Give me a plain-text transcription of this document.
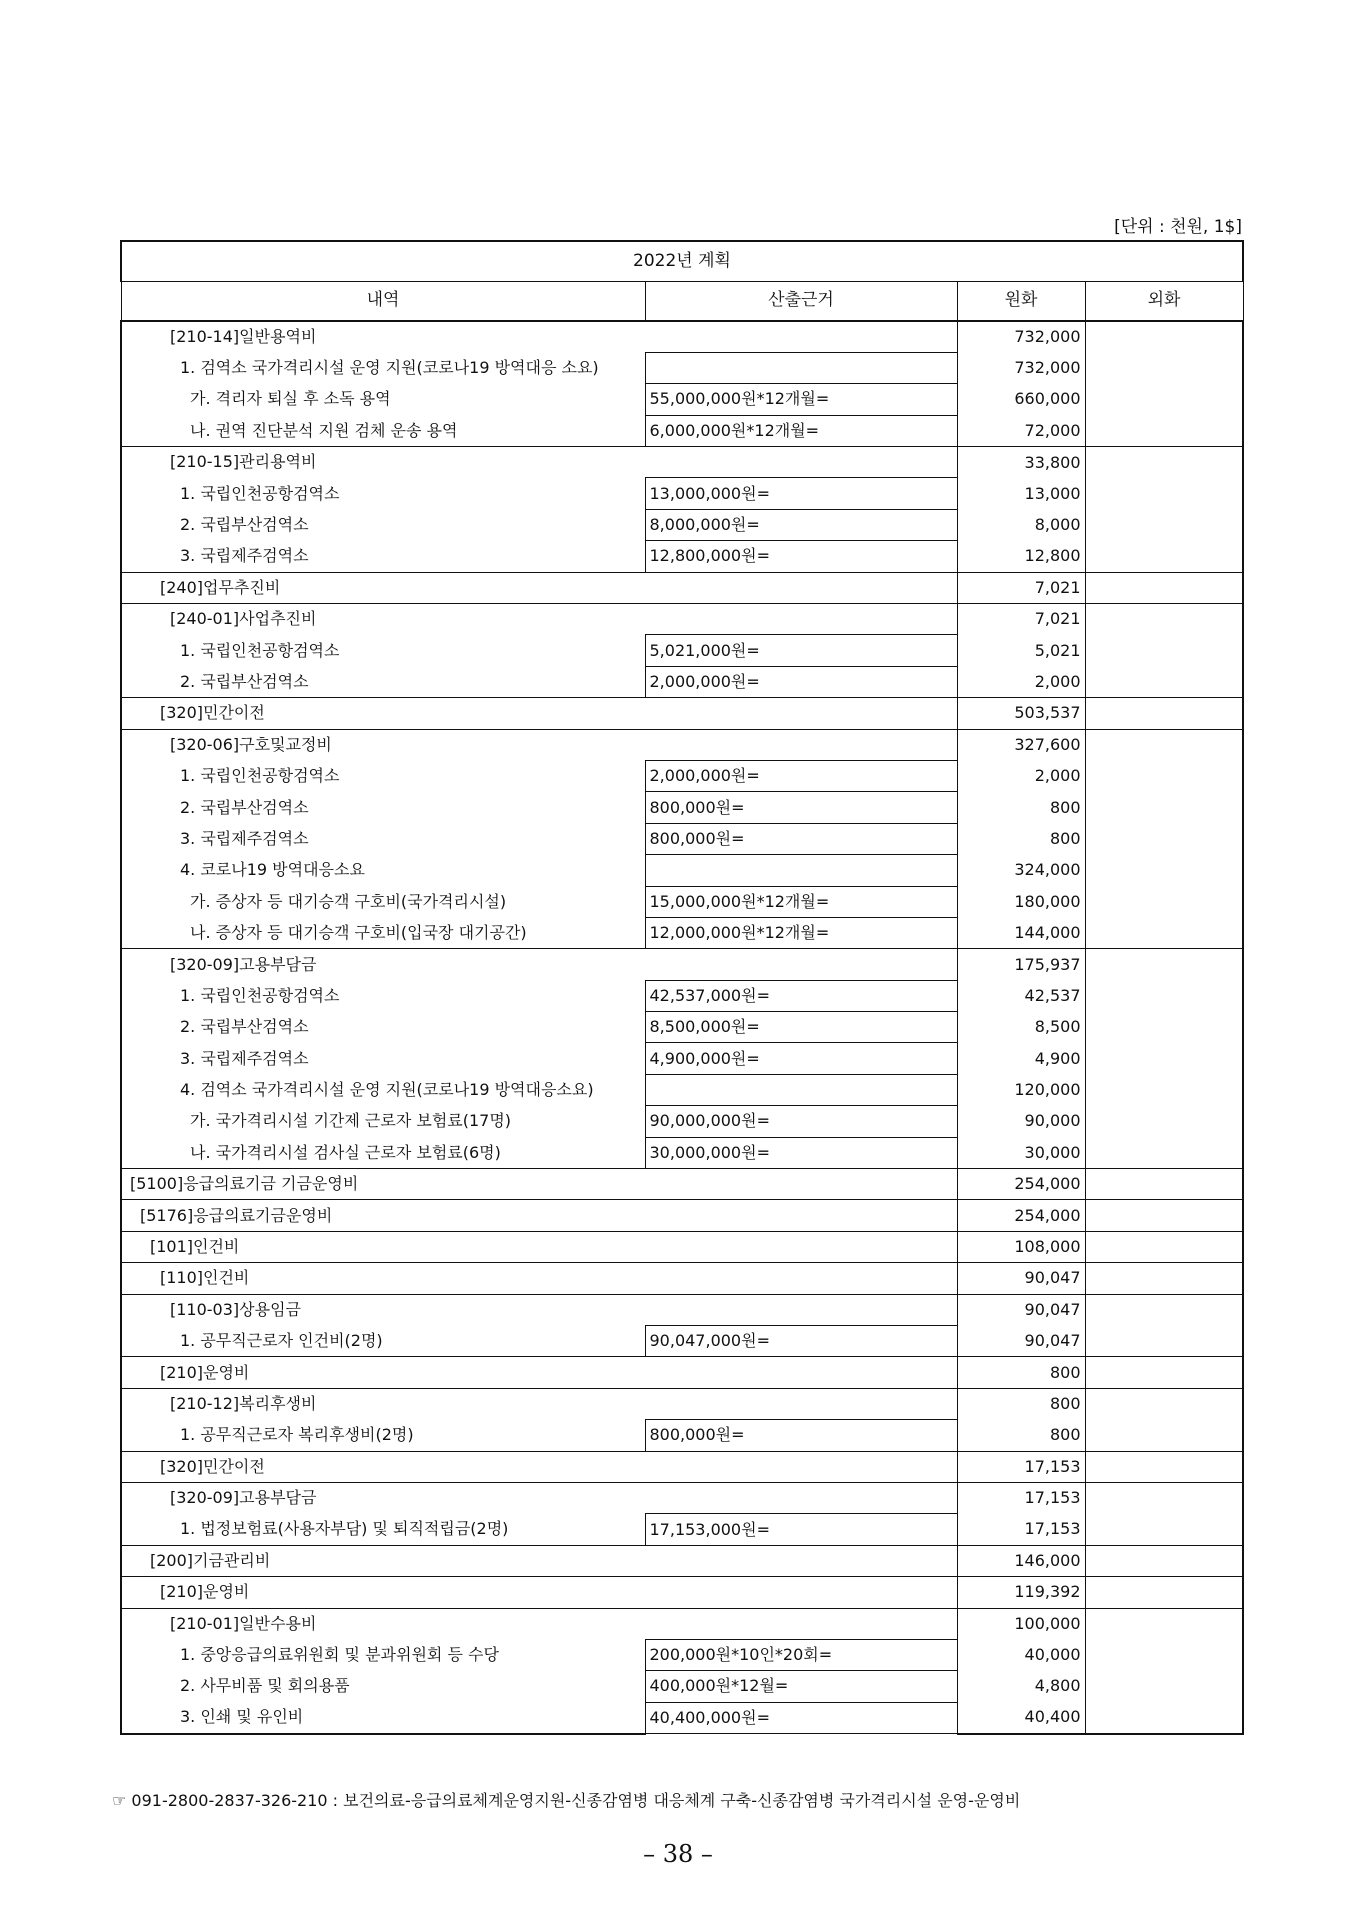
[단위 : 천원, 1$]
2022년 계획			
내역	산출근거	원화	외화
[210-14]일반용역비		732,000	
1. 검역소 국가격리시설 운영 지원(코로나19 방역대응 소요)		732,000	
가. 격리자 퇴실 후 소독 용역	55,000,000원*12개월=	660,000	
나. 권역 진단분석 지원 검체 운송 용역	6,000,000원*12개월=	72,000	
[210-15]관리용역비		33,800	
1. 국립인천공항검역소	13,000,000원=	13,000	
2. 국립부산검역소	8,000,000원=	8,000	
3. 국립제주검역소	12,800,000원=	12,800	
[240]업무추진비		7,021	
[240-01]사업추진비		7,021	
1. 국립인천공항검역소	5,021,000원=	5,021	
2. 국립부산검역소	2,000,000원=	2,000	
[320]민간이전		503,537	
[320-06]구호및교정비		327,600	
1. 국립인천공항검역소	2,000,000원=	2,000	
2. 국립부산검역소	800,000원=	800	
3. 국립제주검역소	800,000원=	800	
4. 코로나19 방역대응소요		324,000	
가. 증상자 등 대기승객 구호비(국가격리시설)	15,000,000원*12개월=	180,000	
나. 증상자 등 대기승객 구호비(입국장 대기공간)	12,000,000원*12개월=	144,000	
[320-09]고용부담금		175,937	
1. 국립인천공항검역소	42,537,000원=	42,537	
2. 국립부산검역소	8,500,000원=	8,500	
3. 국립제주검역소	4,900,000원=	4,900	
4. 검역소 국가격리시설 운영 지원(코로나19 방역대응소요)		120,000	
가. 국가격리시설 기간제 근로자 보험료(17명)	90,000,000원=	90,000	
나. 국가격리시설 검사실 근로자 보험료(6명)	30,000,000원=	30,000	
[5100]응급의료기금 기금운영비		254,000	
[5176]응급의료기금운영비		254,000	
[101]인건비		108,000	
[110]인건비		90,047	
[110-03]상용임금		90,047	
1. 공무직근로자 인건비(2명)	90,047,000원=	90,047	
[210]운영비		800	
[210-12]복리후생비		800	
1. 공무직근로자 복리후생비(2명)	800,000원=	800	
[320]민간이전		17,153	
[320-09]고용부담금		17,153	
1. 법정보험료(사용자부담) 및 퇴직적립금(2명)	17,153,000원=	17,153	
[200]기금관리비		146,000	
[210]운영비		119,392	
[210-01]일반수용비		100,000	
1. 중앙응급의료위원회 및 분과위원회 등 수당	200,000원*10인*20회=	40,000	
2. 사무비품 및 회의용품	400,000원*12월=	4,800	
3. 인쇄 및 유인비	40,400,000원=	40,400	
☞ 091-2800-2837-326-210 : 보건의료-응급의료체계운영지원-신종감염병 대응체계 구축-신종감염병 국가격리시설 운영-운영비
– 38 –
